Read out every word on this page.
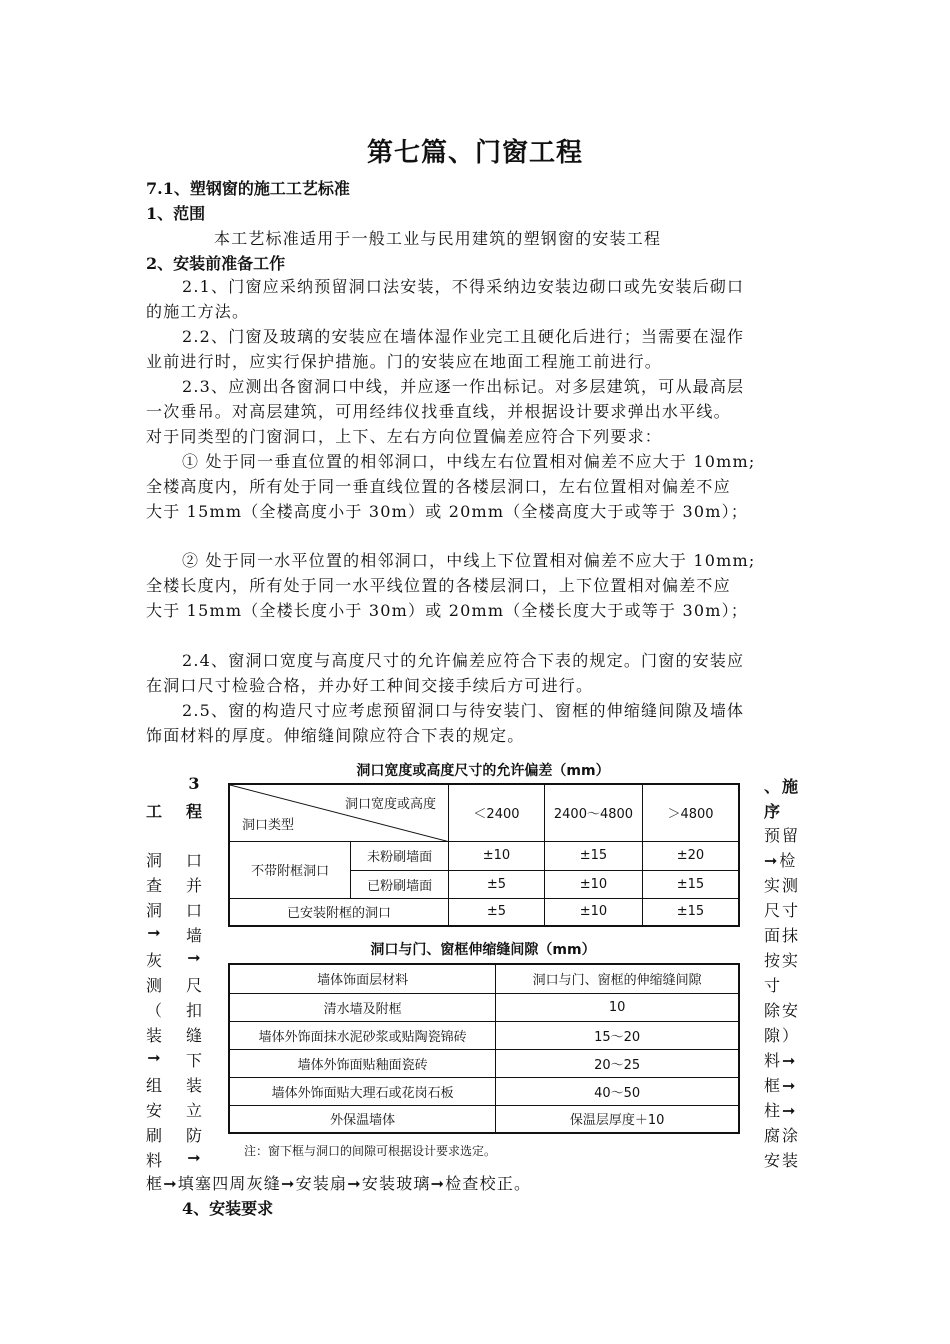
第七篇、门窗工程
7.1、塑钢窗的施工工艺标准
1、范围
本工艺标准适用于一般工业与民用建筑的塑钢窗的安装工程
2、安装前准备工作
2.1、门窗应采纳预留洞口法安装，不得采纳边安装边砌口或先安装后砌口
的施工方法。
2.2、门窗及玻璃的安装应在墙体湿作业完工且硬化后进行；当需要在湿作
业前进行时，应实行保护措施。门的安装应在地面工程施工前进行。
2.3、应测出各窗洞口中线，并应逐一作出标记。对多层建筑，可从最高层
一次垂吊。对高层建筑，可用经纬仪找垂直线，并根据设计要求弹出水平线。
对于同类型的门窗洞口，上下、左右方向位置偏差应符合下列要求：
① 处于同一垂直位置的相邻洞口，中线左右位置相对偏差不应大于 10mm;
全楼高度内，所有处于同一垂直线位置的各楼层洞口，左右位置相对偏差不应
大于 15mm（全楼高度小于 30m）或 20mm（全楼高度大于或等于 30m）；
② 处于同一水平位置的相邻洞口，中线上下位置相对偏差不应大于 10mm;
全楼长度内，所有处于同一水平线位置的各楼层洞口，上下位置相对偏差不应
大于 15mm（全楼长度小于 30m）或 20mm（全楼长度大于或等于 30m）；
2.4、窗洞口宽度与高度尺寸的允许偏差应符合下表的规定。门窗的安装应
在洞口尺寸检验合格，并办好工种间交接手续后方可进行。
2.5、窗的构造尺寸应考虑预留洞口与待安装门、窗框的伸缩缝间隙及墙体
饰面材料的厚度。伸缩缝间隙应符合下表的规定。
工
洞
查
洞
➞
灰
测
（
装
➞
组
安
刷
料
3
程
口
并
口
墙
➞
尺
扣
缝
下
装
立
防
➞
、施
序
预留
➞检
实测
尺寸
面抹
按实
寸
除安
隙）
料➞
框➞
柱➞
腐涂
安装
洞口宽度或高度尺寸的允许偏差（mm）
洞口宽度或高度
洞口类型		＜2400	2400～4800	＞4800
不带附框洞口	未粉刷墙面	±10	±15	±20
	已粉刷墙面	±5	±10	±15
已安装附框的洞口		±5	±10	±15
洞口与门、窗框伸缩缝间隙（mm）
墙体饰面层材料	洞口与门、窗框的伸缩缝间隙
清水墙及附框	10
墙体外饰面抹水泥砂浆或贴陶瓷锦砖	15～20
墙体外饰面贴釉面瓷砖	20～25
墙体外饰面贴大理石或花岗石板	40～50
外保温墙体	保温层厚度＋10
注：窗下框与洞口的间隙可根据设计要求选定。
框➞填塞四周灰缝➞安装扇➞安装玻璃➞检查校正。
4、安装要求
